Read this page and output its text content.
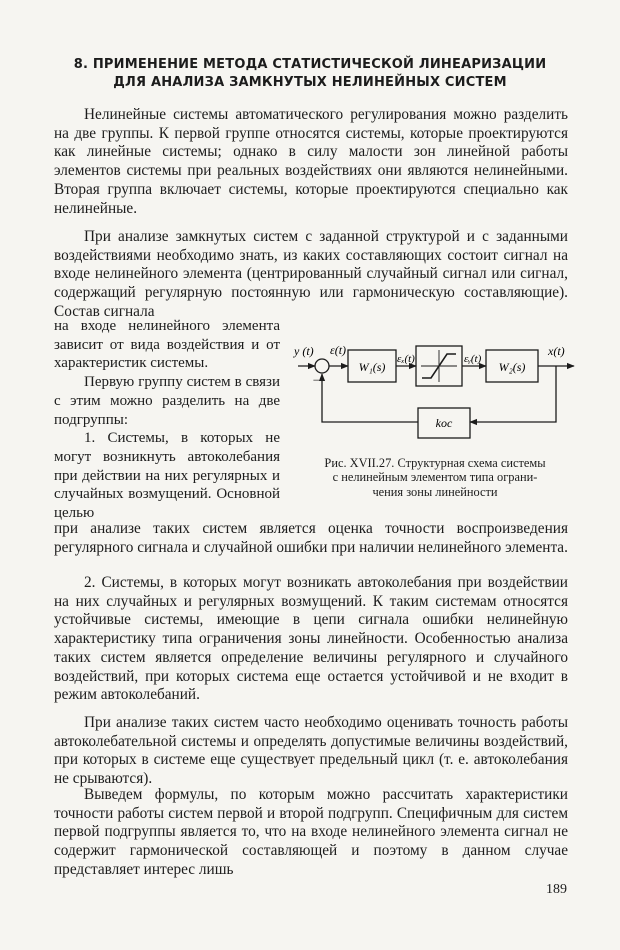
8. ПРИМЕНЕНИЕ МЕТОДА СТАТИСТИЧЕСКОЙ ЛИНЕАРИЗАЦИИ
ДЛЯ АНАЛИЗА ЗАМКНУТЫХ НЕЛИНЕЙНЫХ СИСТЕМ

Нелинейные системы автоматического регулирования можно разделить на две группы. К первой группе относятся системы, которые проектируются как линейные системы; однако в силу малости зон линейной работы элементов системы при реальных воздействиях они являются нелинейными. Вторая группа включает системы, которые проектируются специально как нелинейные.

При анализе замкнутых систем с заданной структурой и с заданными воздействиями необходимо знать, из каких составляющих состоит сигнал на входе нелинейного элемента (центрированный случайный сигнал или сигнал, содержащий регулярную постоянную или гармоническую составляющие). Состав сигнала

на входе нелинейного элемента зависит от вида воздействия и от характеристик системы.

Первую группу систем в связи с этим можно разделить на две подгруппы:

1. Системы, в которых не могут возникнуть автоколебания при действии на них регулярных и случайных возмущений. Основной целью

y (t) ε(t)
−
W₁(s)
εₓ(t)	εᵧ(t)
W₂(s)
x(t)
kос
Рис. XVII.27. Структурная схема системы
с нелинейным элементом типа ограни-
чения зоны линейности

при анализе таких систем является оценка точности воспроизведения регулярного сигнала и случайной ошибки при наличии нелинейного элемента.

2. Системы, в которых могут возникать автоколебания при воздействии на них случайных и регулярных возмущений. К таким системам относятся устойчивые системы, имеющие в цепи сигнала ошибки нелинейную характеристику типа ограничения зоны линейности. Особенностью анализа таких систем является определение величины регулярного и случайного воздействий, при которых система еще остается устойчивой и не входит в режим автоколебаний.

При анализе таких систем часто необходимо оценивать точность работы автоколебательной системы и определять допустимые величины воздействий, при которых в системе еще существует предельный цикл (т. е. автоколебания не срываются).

Выведем формулы, по которым можно рассчитать характеристики точности работы систем первой и второй подгрупп. Специфичным для систем первой подгруппы является то, что на входе нелинейного элемента сигнал не содержит гармонической составляющей и поэтому в данном случае представляет интерес лишь

189
